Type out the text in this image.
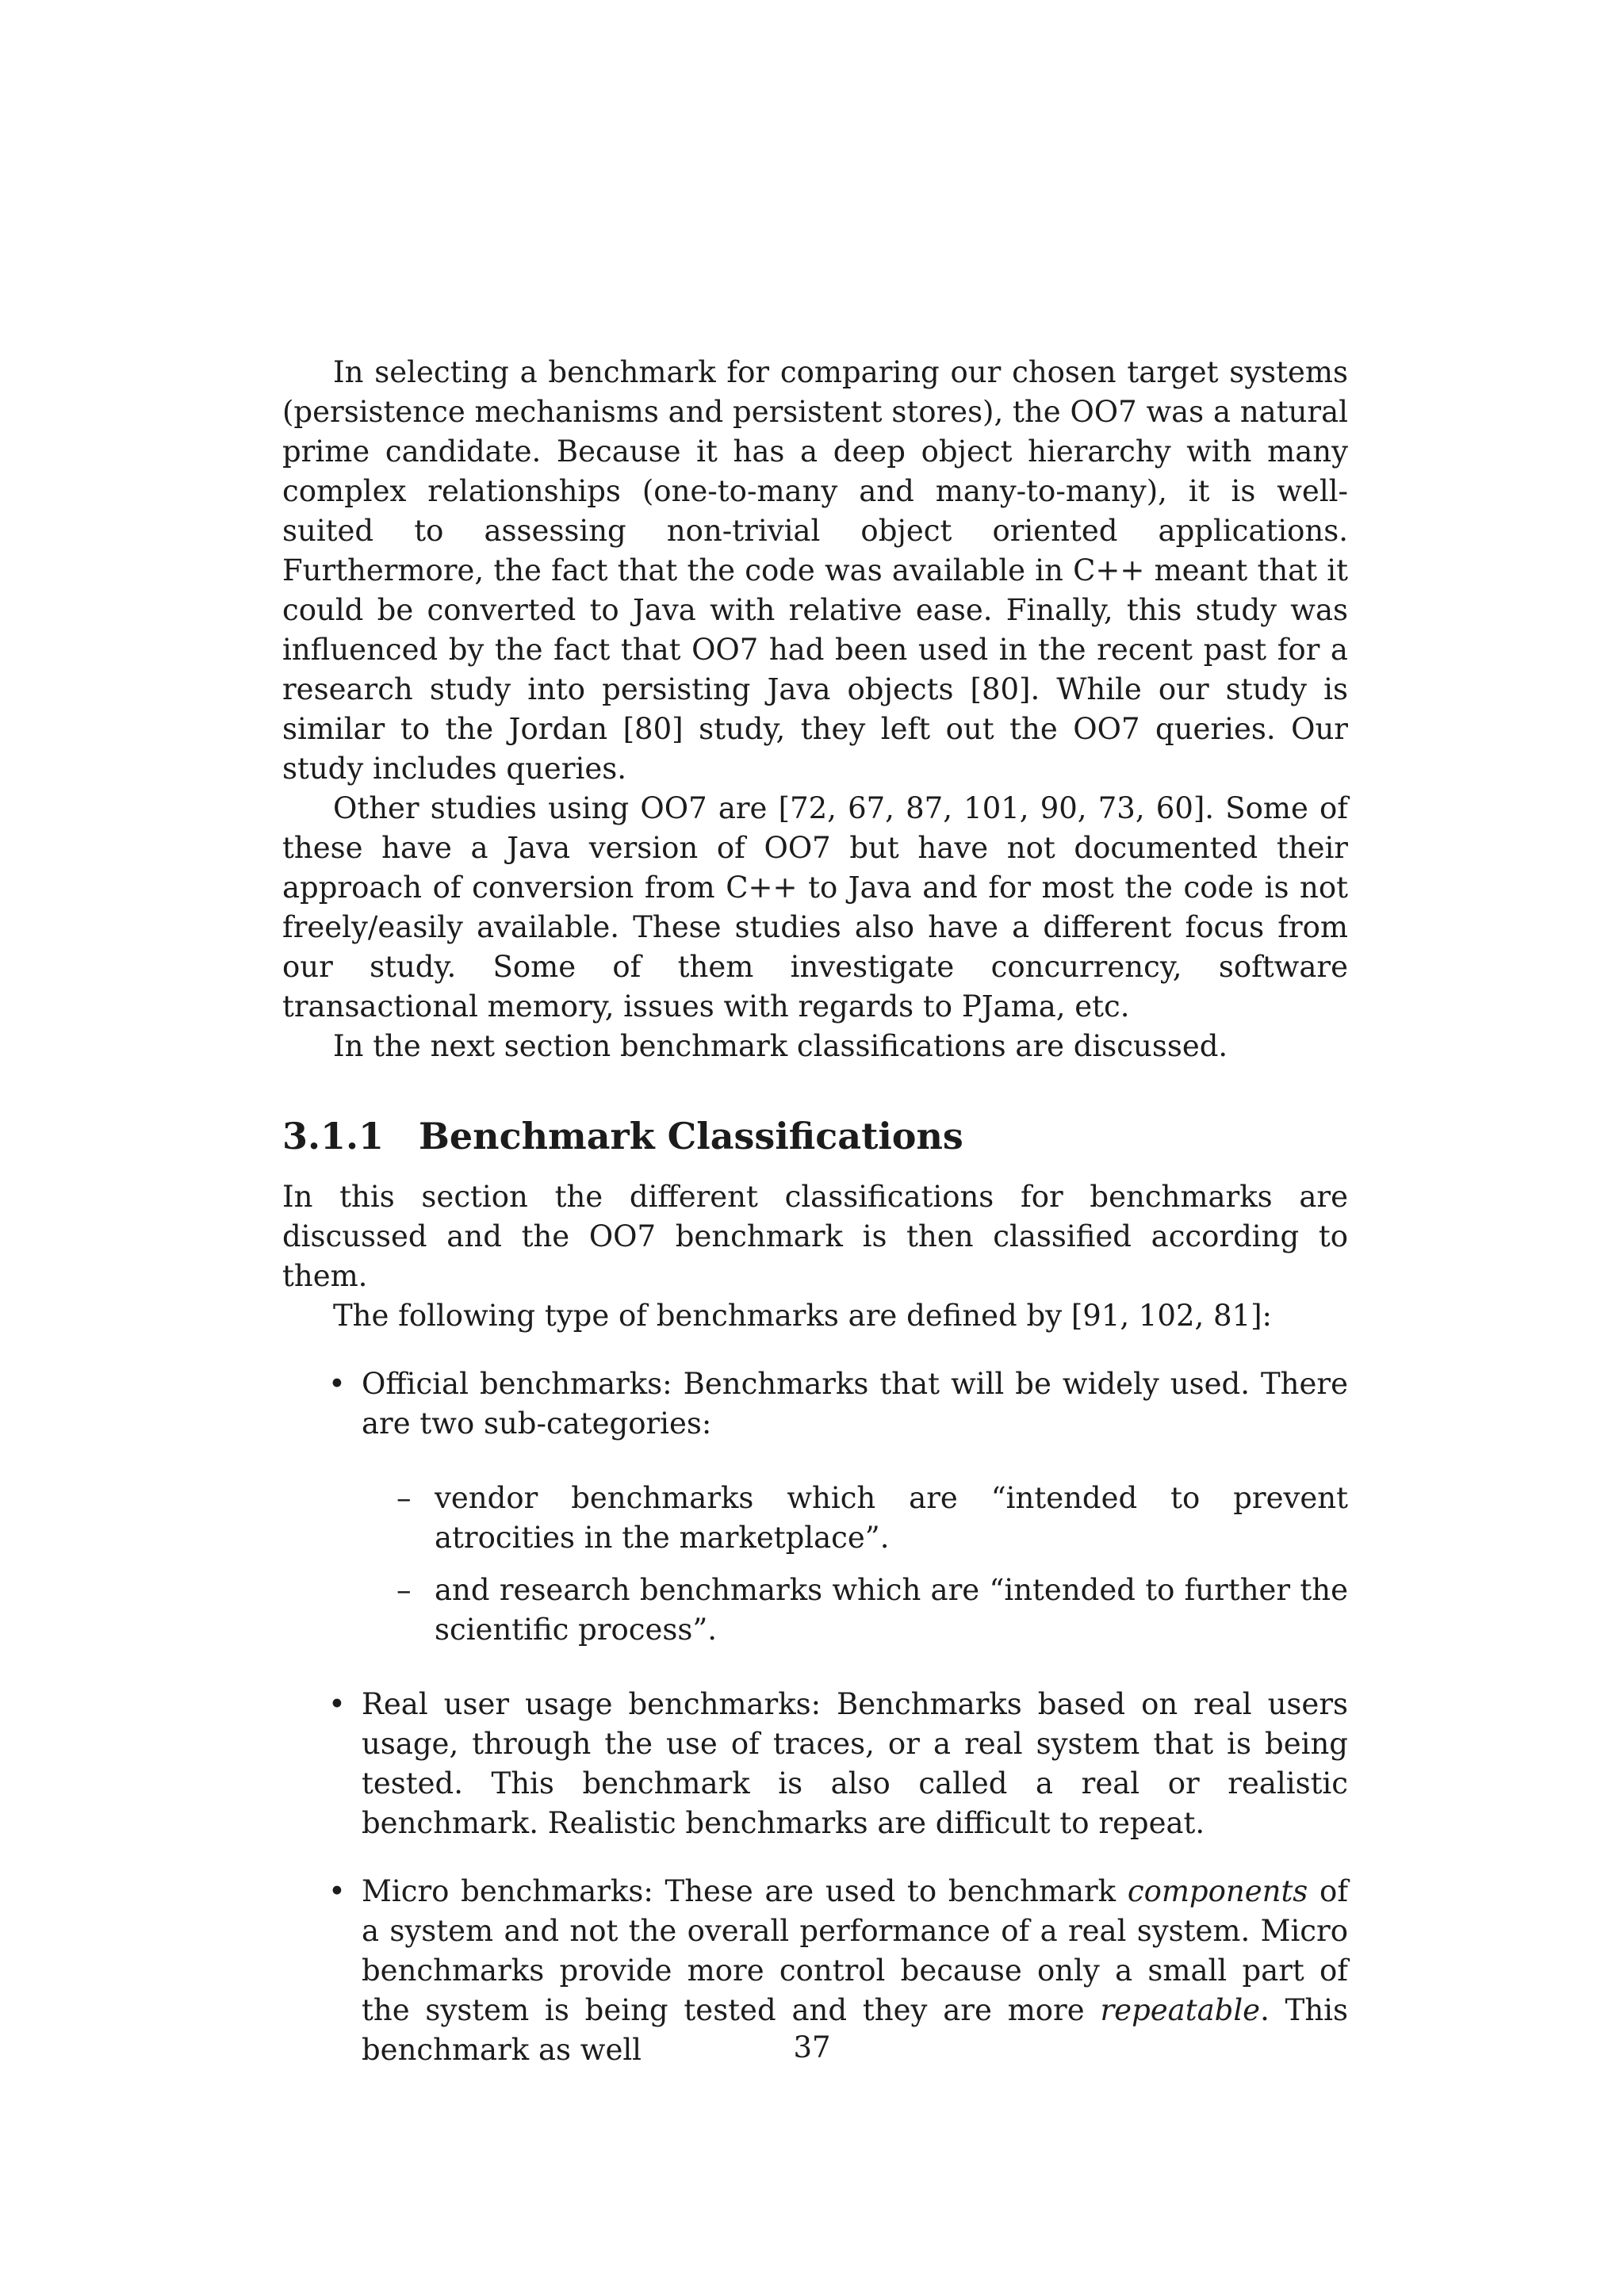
In selecting a benchmark for comparing our chosen target systems (persistence mechanisms and persistent stores), the OO7 was a natural prime candidate. Because it has a deep object hierarchy with many complex relationships (one-to-many and many-to-many), it is well-suited to assessing non-trivial object oriented applications. Furthermore, the fact that the code was available in C++ meant that it could be converted to Java with relative ease. Finally, this study was influenced by the fact that OO7 had been used in the recent past for a research study into persisting Java objects [80]. While our study is similar to the Jordan [80] study, they left out the OO7 queries. Our study includes queries.

Other studies using OO7 are [72, 67, 87, 101, 90, 73, 60]. Some of these have a Java version of OO7 but have not documented their approach of conversion from C++ to Java and for most the code is not freely/easily available. These studies also have a different focus from our study. Some of them investigate concurrency, software transactional memory, issues with regards to PJama, etc.

In the next section benchmark classifications are discussed.

3.1.1 Benchmark Classifications

In this section the different classifications for benchmarks are discussed and the OO7 benchmark is then classified according to them.

The following type of benchmarks are defined by [91, 102, 81]:

• Official benchmarks: Benchmarks that will be widely used. There are two sub-categories:

– vendor benchmarks which are “intended to prevent atrocities in the marketplace”.

– and research benchmarks which are “intended to further the scientific process”.

• Real user usage benchmarks: Benchmarks based on real users usage, through the use of traces, or a real system that is being tested. This benchmark is also called a real or realistic benchmark. Realistic benchmarks are difficult to repeat.

• Micro benchmarks: These are used to benchmark components of a system and not the overall performance of a real system. Micro benchmarks provide more control because only a small part of the system is being tested and they are more repeatable. This benchmark as well	37
